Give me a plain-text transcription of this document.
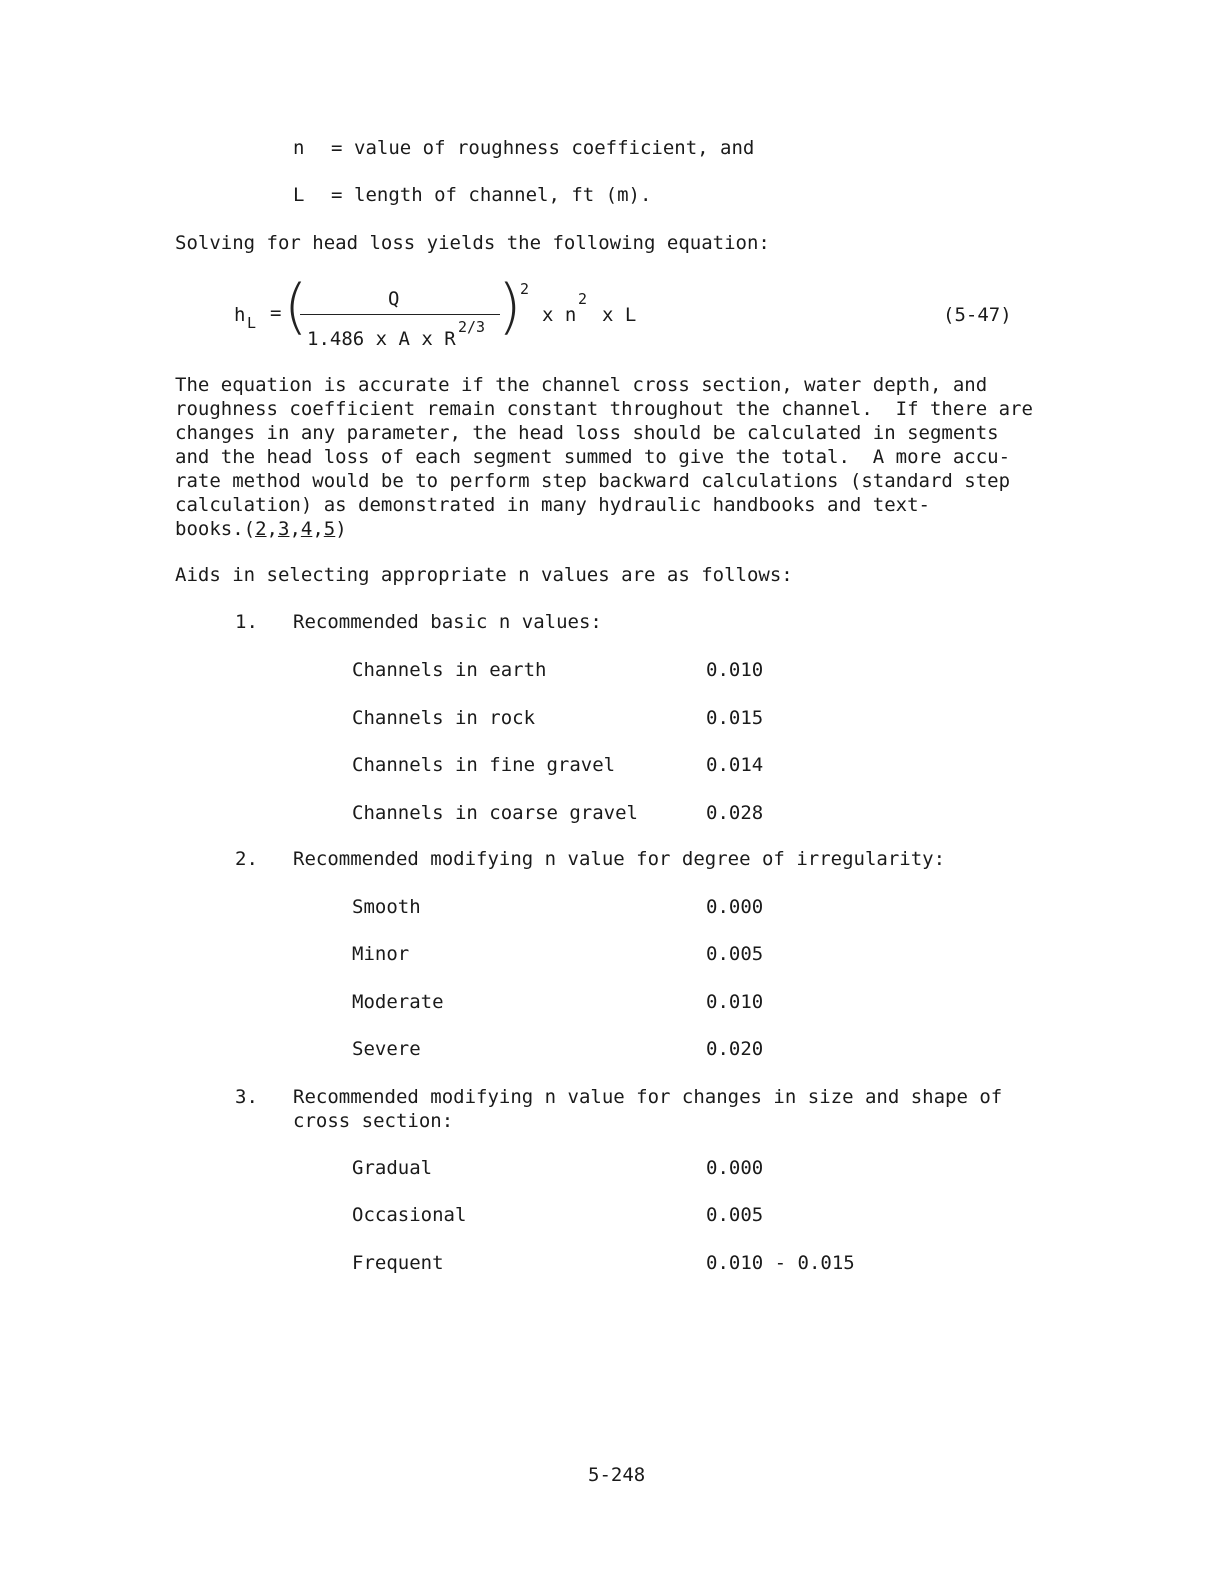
n = value of roughness coefficient, and
L = length of channel, ft (m).
Solving for head loss yields the following equation:
h L = (	Q
1.486 x A x R
2/3 )
2
x n
2
x L	(5-47)
The equation is accurate if the channel cross section, water depth, and
roughness coefficient remain constant throughout the channel.  If there are
changes in any parameter, the head loss should be calculated in segments
and the head loss of each segment summed to give the total.  A more accu-
rate method would be to perform step backward calculations (standard step
calculation) as demonstrated in many hydraulic handbooks and text-
books.(2,3,4,5)
Aids in selecting appropriate n values are as follows:
1. Recommended basic n values:
Channels in earth	0.010
Channels in rock	0.015
Channels in fine gravel	0.014
Channels in coarse gravel	0.028
2. Recommended modifying n value for degree of irregularity:
Smooth	0.000
Minor	0.005
Moderate	0.010
Severe	0.020
3. Recommended modifying n value for changes in size and shape of
cross section:
Gradual	0.000
Occasional	0.005
Frequent	0.010 - 0.015
5-248
